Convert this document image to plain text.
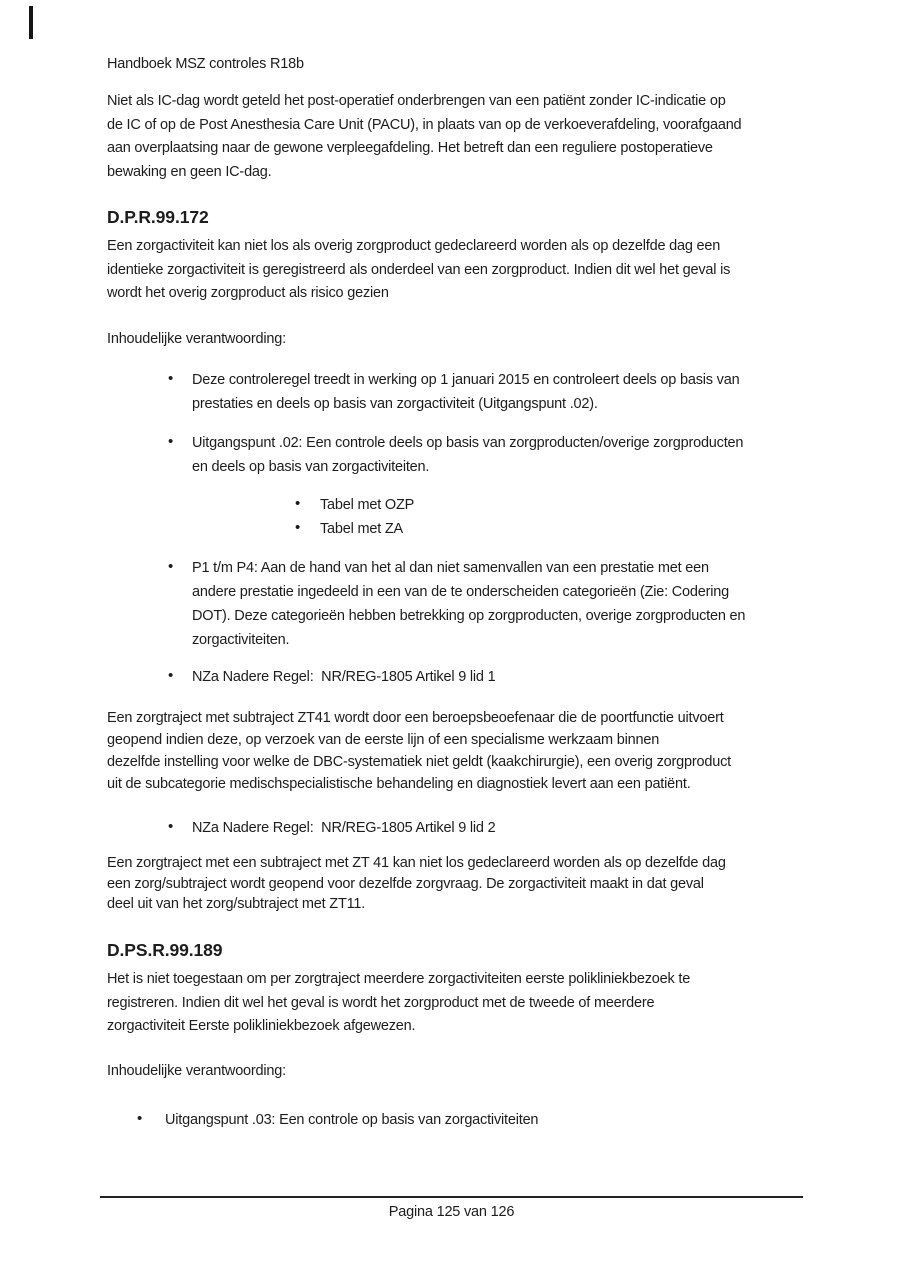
Handboek MSZ controles R18b
Niet als IC-dag wordt geteld het post-operatief onderbrengen van een patiënt zonder IC-indicatie op
de IC of op de Post Anesthesia Care Unit (PACU), in plaats van op de verkoeverafdeling, voorafgaand
aan overplaatsing naar de gewone verpleegafdeling. Het betreft dan een reguliere postoperatieve
bewaking en geen IC-dag.
D.P.R.99.172
Een zorgactiviteit kan niet los als overig zorgproduct gedeclareerd worden als op dezelfde dag een
identieke zorgactiviteit is geregistreerd als onderdeel van een zorgproduct. Indien dit wel het geval is
wordt het overig zorgproduct als risico gezien
Inhoudelijke verantwoording:
• Deze controleregel treedt in werking op 1 januari 2015 en controleert deels op basis van
prestaties en deels op basis van zorgactiviteit (Uitgangspunt .02).
• Uitgangspunt .02: Een controle deels op basis van zorgproducten/overige zorgproducten
en deels op basis van zorgactiviteiten.
• Tabel met OZP
• Tabel met ZA
• P1 t/m P4: Aan de hand van het al dan niet samenvallen van een prestatie met een
andere prestatie ingedeeld in een van de te onderscheiden categorieën (Zie: Codering
DOT). Deze categorieën hebben betrekking op zorgproducten, overige zorgproducten en
zorgactiviteiten.
• NZa Nadere Regel:  NR/REG-1805 Artikel 9 lid 1
Een zorgtraject met subtraject ZT41 wordt door een beroepsbeoefenaar die de poortfunctie uitvoert
geopend indien deze, op verzoek van de eerste lijn of een specialisme werkzaam binnen
dezelfde instelling voor welke de DBC-systematiek niet geldt (kaakchirurgie), een overig zorgproduct
uit de subcategorie medischspecialistische behandeling en diagnostiek levert aan een patiënt.
• NZa Nadere Regel:  NR/REG-1805 Artikel 9 lid 2
Een zorgtraject met een subtraject met ZT 41 kan niet los gedeclareerd worden als op dezelfde dag
een zorg/subtraject wordt geopend voor dezelfde zorgvraag. De zorgactiviteit maakt in dat geval
deel uit van het zorg/subtraject met ZT11.
D.PS.R.99.189
Het is niet toegestaan om per zorgtraject meerdere zorgactiviteiten eerste polikliniekbezoek te
registreren. Indien dit wel het geval is wordt het zorgproduct met de tweede of meerdere
zorgactiviteit Eerste polikliniekbezoek afgewezen.
Inhoudelijke verantwoording:
• Uitgangspunt .03: Een controle op basis van zorgactiviteiten
Pagina 125 van 126
